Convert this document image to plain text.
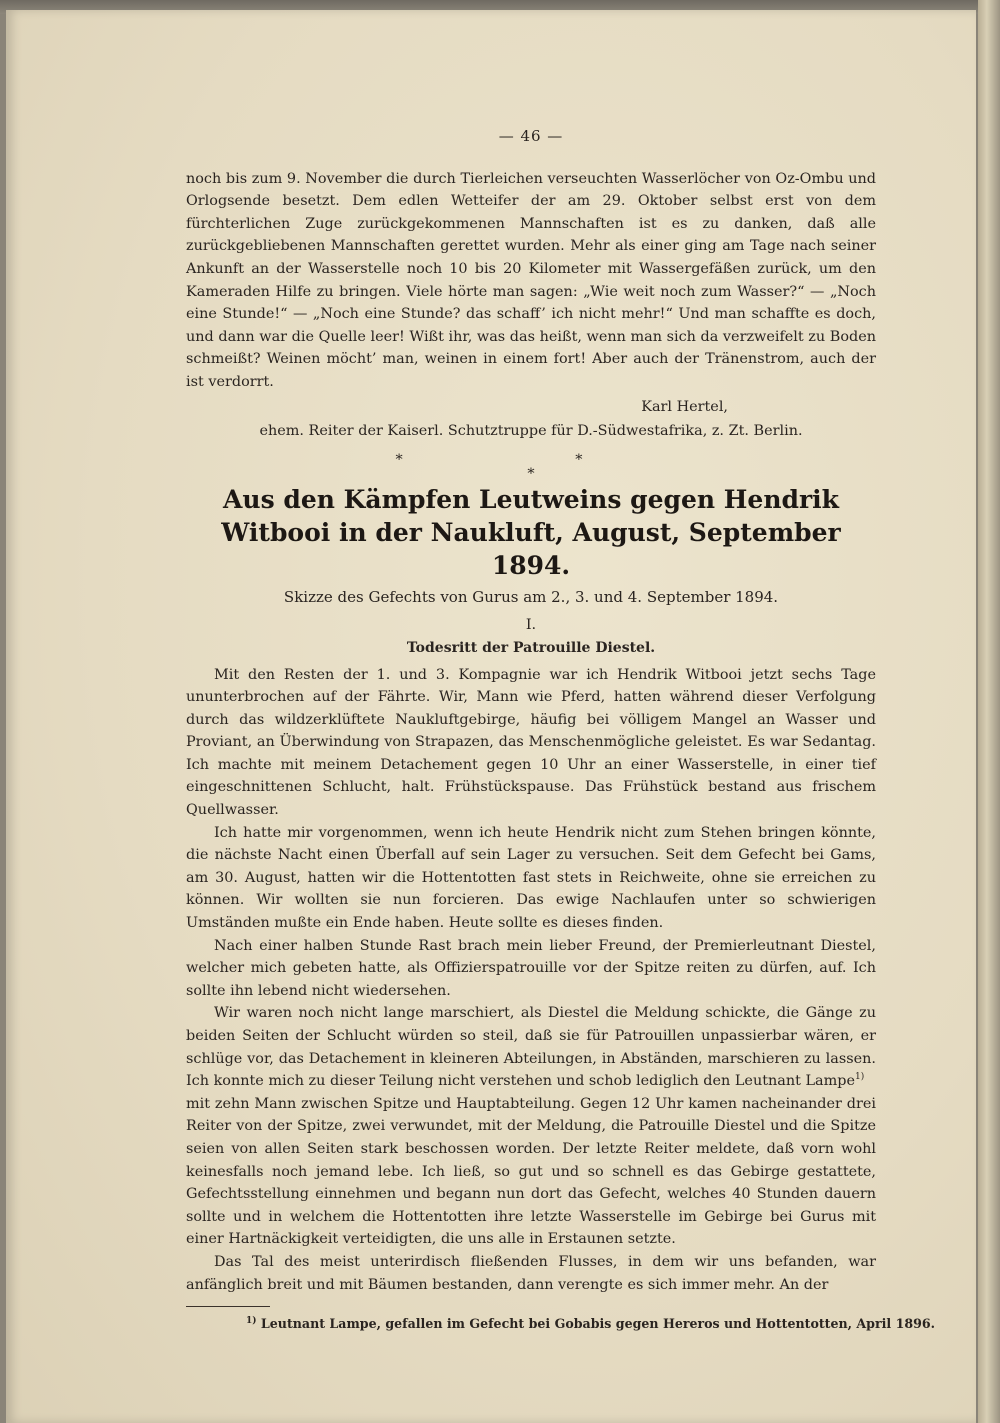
— 46 —

noch bis zum 9. November die durch Tierleichen verseuchten Wasserlöcher von Oz-Ombu und Orlogsende besetzt. Dem edlen Wetteifer der am 29. Oktober selbst erst von dem fürchterlichen Zuge zurückgekommenen Mannschaften ist es zu danken, daß alle zurückgebliebenen Mannschaften gerettet wurden. Mehr als einer ging am Tage nach seiner Ankunft an der Wasserstelle noch 10 bis 20 Kilometer mit Wassergefäßen zurück, um den Kameraden Hilfe zu bringen. Viele hörte man sagen: „Wie weit noch zum Wasser?“ — „Noch eine Stunde!“ — „Noch eine Stunde? das schaff’ ich nicht mehr!“ Und man schaffte es doch, und dann war die Quelle leer! Wißt ihr, was das heißt, wenn man sich da verzweifelt zu Boden schmeißt? Weinen möcht’ man, weinen in einem fort! Aber auch der Tränenstrom, auch der ist verdorrt.

Karl Hertel,
ehem. Reiter der Kaiserl. Schutztruppe für D.-Südwestafrika, z. Zt. Berlin.
* *
*
Aus den Kämpfen Leutweins gegen Hendrik Witbooi in der Naukluft, August, September 1894.
Skizze des Gefechts von Gurus am 2., 3. und 4. September 1894.
I.
Todesritt der Patrouille Diestel.

Mit den Resten der 1. und 3. Kompagnie war ich Hendrik Witbooi jetzt sechs Tage ununterbrochen auf der Fährte. Wir, Mann wie Pferd, hatten während dieser Verfolgung durch das wildzerklüftete Naukluftgebirge, häufig bei völligem Mangel an Wasser und Proviant, an Überwindung von Strapazen, das Menschenmögliche geleistet. Es war Sedantag. Ich machte mit meinem Detachement gegen 10 Uhr an einer Wasserstelle, in einer tief eingeschnittenen Schlucht, halt. Frühstückspause. Das Frühstück bestand aus frischem Quellwasser.

Ich hatte mir vorgenommen, wenn ich heute Hendrik nicht zum Stehen bringen könnte, die nächste Nacht einen Überfall auf sein Lager zu versuchen. Seit dem Gefecht bei Gams, am 30. August, hatten wir die Hottentotten fast stets in Reichweite, ohne sie erreichen zu können. Wir wollten sie nun forcieren. Das ewige Nachlaufen unter so schwierigen Umständen mußte ein Ende haben. Heute sollte es dieses finden.

Nach einer halben Stunde Rast brach mein lieber Freund, der Premierleutnant Diestel, welcher mich gebeten hatte, als Offizierspatrouille vor der Spitze reiten zu dürfen, auf. Ich sollte ihn lebend nicht wiedersehen.

Wir waren noch nicht lange marschiert, als Diestel die Meldung schickte, die Gänge zu beiden Seiten der Schlucht würden so steil, daß sie für Patrouillen unpassierbar wären, er schlüge vor, das Detachement in kleineren Abteilungen, in Abständen, marschieren zu lassen. Ich konnte mich zu dieser Teilung nicht verstehen und schob lediglich den Leutnant Lampe$^{1)}$

mit zehn Mann zwischen Spitze und Hauptabteilung. Gegen 12 Uhr kamen nacheinander drei Reiter von der Spitze, zwei verwundet, mit der Meldung, die Patrouille Diestel und die Spitze seien von allen Seiten stark beschossen worden. Der letzte Reiter meldete, daß vorn wohl keinesfalls noch jemand lebe. Ich ließ, so gut und so schnell es das Gebirge gestattete, Gefechtsstellung einnehmen und begann nun dort das Gefecht, welches 40 Stunden dauern sollte und in welchem die Hottentotten ihre letzte Wasserstelle im Gebirge bei Gurus mit einer Hartnäckigkeit verteidigten, die uns alle in Erstaunen setzte.

Das Tal des meist unterirdisch fließenden Flusses, in dem wir uns befanden, war anfänglich breit und mit Bäumen bestanden, dann verengte es sich immer mehr. An der

$^{1)}$ Leutnant Lampe, gefallen im Gefecht bei Gobabis gegen Hereros und Hottentotten, April 1896.
